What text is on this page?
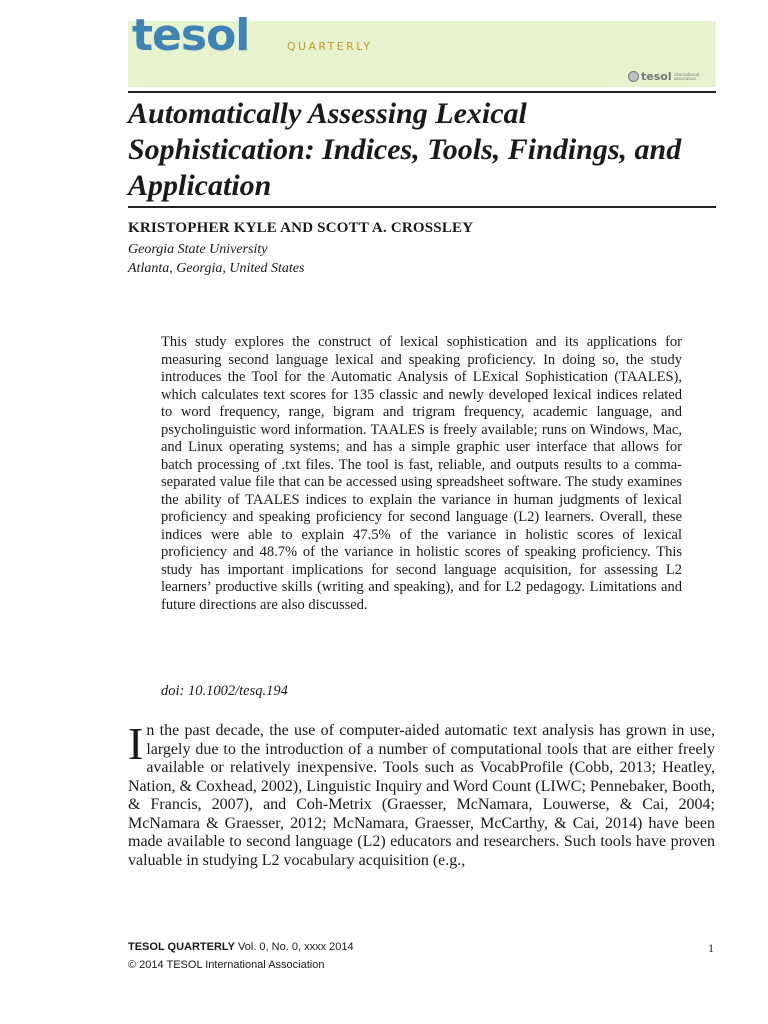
tesol	QUARTERLY
tesol international association
Automatically Assessing Lexical Sophistication: Indices, Tools, Findings, and Application
KRISTOPHER KYLE AND SCOTT A. CROSSLEY
Georgia State University
Atlanta, Georgia, United States

This study explores the construct of lexical sophistication and its applications for measuring second language lexical and speaking proficiency. In doing so, the study introduces the Tool for the Automatic Analysis of LExical Sophistication (TAALES), which calculates text scores for 135 classic and newly developed lexical indices related to word frequency, range, bigram and trigram frequency, academic language, and psycholinguistic word information. TAALES is freely available; runs on Windows, Mac, and Linux operating systems; and has a simple graphic user interface that allows for batch processing of .txt files. The tool is fast, reliable, and outputs results to a comma-separated value file that can be accessed using spreadsheet software. The study examines the ability of TAALES indices to explain the variance in human judgments of lexical proficiency and speaking proficiency for second language (L2) learners. Overall, these indices were able to explain 47.5% of the variance in holistic scores of lexical proficiency and 48.7% of the variance in holistic scores of speaking proficiency. This study has important implications for second language acquisition, for assessing L2 learners’ productive skills (writing and speaking), and for L2 pedagogy. Limitations and future directions are also discussed.

doi: 10.1002/tesq.194
I n the past decade, the use of computer-aided automatic text analysis has grown in use, largely due to the introduction of a number of computational tools that are either freely available or relatively inexpensive. Tools such as VocabProfile (Cobb, 2013; Heatley, Nation, & Coxhead, 2002), Linguistic Inquiry and Word Count (LIWC; Pennebaker, Booth, & Francis, 2007), and Coh-Metrix (Graesser, McNamara, Louwerse, & Cai, 2004; McNamara & Graesser, 2012; McNamara, Graesser, McCarthy, & Cai, 2014) have been made available to second language (L2) educators and researchers. Such tools have proven valuable in studying L2 vocabulary acquisition (e.g.,
TESOL QUARTERLY Vol. 0, No. 0, xxxx 2014
© 2014 TESOL International Association
1
